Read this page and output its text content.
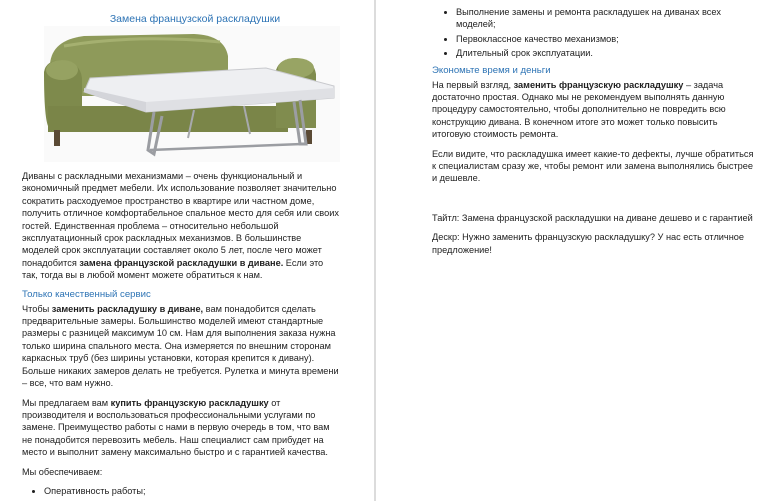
Замена французской раскладушки

Диваны с раскладными механизмами – очень функциональный и экономичный предмет мебели. Их использование позволяет значительно сократить расходуемое пространство в квартире или частном доме, получить отличное комфортабельное спальное место для себя или своих гостей. Единственная проблема – относительно небольшой эксплуатационный срок раскладных механизмов. В большинстве моделей срок эксплуатации составляет около 5 лет, после чего может понадобится замена французской раскладушки в диване. Если это так, тогда вы в любой момент можете обратиться к нам.

Только качественный сервис

Чтобы заменить раскладушку в диване, вам понадобится сделать предварительные замеры. Большинство моделей имеют стандартные размеры с разницей максимум 10 см. Нам для выполнения заказа нужна только ширина спального места. Она измеряется по внешним сторонам каркасных труб (без ширины установки, которая крепится к дивану). Больше никаких замеров делать не требуется. Рулетка и минута времени – все, что вам нужно.

Мы предлагаем вам купить французскую раскладушку от производителя и воспользоваться профессиональными услугами по замене. Преимущество работы с нами в первую очередь в том, что вам не понадобится перевозить мебель. Наш специалист сам прибудет на место и выполнит замену максимально быстро и с гарантией качества.

Мы обеспечиваем:

• Оперативность работы;
• Выполнение замены и ремонта раскладушек на диванах всех моделей;
• Первоклассное качество механизмов;
• Длительный срок эксплуатации.
Экономьте время и деньги

На первый взгляд, заменить французскую раскладушку – задача достаточно простая. Однако мы не рекомендуем выполнять данную процедуру самостоятельно, чтобы дополнительно не повредить всю конструкцию дивана. В конечном итоге это может только повысить итоговую стоимость ремонта.

Если видите, что раскладушка имеет какие-то дефекты, лучше обратиться к специалистам сразу же, чтобы ремонт или замена выполнялись быстрее и дешевле.

Тайтл: Замена французской раскладушки на диване дешево и с гарантией

Дескр: Нужно заменить французскую раскладушку? У нас есть отличное предложение!
